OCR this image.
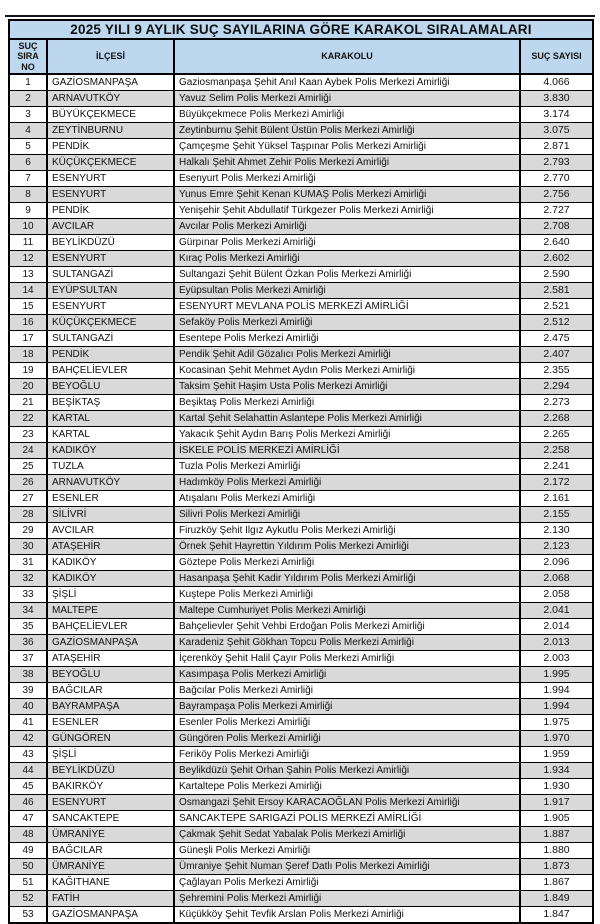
2025 YILI 9 AYLIK SUÇ SAYILARINA GÖRE KARAKOL SIRALAMALARI			
SUÇ SIRA NO	İLÇESİ	KARAKOLU	SUÇ SAYISI
1	GAZİOSMANPAŞA	Gaziosmanpaşa Şehit Anıl Kaan Aybek Polis Merkezi Amirliği	4.066
2	ARNAVUTKÖY	Yavuz Selim Polis Merkezi Amirliği	3.830
3	BÜYÜKÇEKMECE	Büyükçekmece Polis Merkezi Amirliği	3.174
4	ZEYTİNBURNU	Zeytinburnu Şehit Bülent Üstün Polis Merkezi Amirliği	3.075
5	PENDİK	Çamçeşme Şehit Yüksel Taşpınar Polis Merkezi Amirliği	2.871
6	KÜÇÜKÇEKMECE	Halkalı Şehit Ahmet Zehir Polis Merkezi Amirliği	2.793
7	ESENYURT	Esenyurt Polis Merkezi Amirliği	2.770
8	ESENYURT	Yunus Emre Şehit Kenan KUMAŞ Polis Merkezi Amirliği	2.756
9	PENDİK	Yenişehir Şehit Abdullatif Türkgezer Polis Merkezi Amirliği	2.727
10	AVCILAR	Avcılar Polis Merkezi Amirliği	2.708
11	BEYLİKDÜZÜ	Gürpınar Polis Merkezi Amirliği	2.640
12	ESENYURT	Kıraç Polis Merkezi Amirliği	2.602
13	SULTANGAZİ	Sultangazi Şehit Bülent Özkan Polis Merkezi Amirliği	2.590
14	EYÜPSULTAN	Eyüpsultan Polis Merkezi Amirliği	2.581
15	ESENYURT	ESENYURT MEVLANA POLİS MERKEZİ AMİRLİĞİ	2.521
16	KÜÇÜKÇEKMECE	Sefaköy Polis Merkezi Amirliği	2.512
17	SULTANGAZİ	Esentepe Polis Merkezi Amirliği	2.475
18	PENDİK	Pendik Şehit Adil Gözalıcı Polis Merkezi Amirliği	2.407
19	BAHÇELİEVLER	Kocasinan Şehit Mehmet Aydın Polis Merkezi Amirliği	2.355
20	BEYOĞLU	Taksim Şehit Haşim Usta Polis Merkezi Amirliği	2.294
21	BEŞİKTAŞ	Beşiktaş Polis Merkezi Amirliği	2.273
22	KARTAL	Kartal Şehit Selahattin Aslantepe Polis Merkezi Amirliği	2.268
23	KARTAL	Yakacık Şehit Aydın Barış Polis Merkezi Amirliği	2.265
24	KADIKÖY	İSKELE POLİS MERKEZİ AMİRLİĞİ	2.258
25	TUZLA	Tuzla Polis Merkezi Amirliği	2.241
26	ARNAVUTKÖY	Hadımköy Polis Merkezi Amirliği	2.172
27	ESENLER	Atışalanı Polis Merkezi Amirliği	2.161
28	SİLİVRİ	Silivri Polis Merkezi Amirliği	2.155
29	AVCILAR	Firuzköy Şehit Ilgız Aykutlu Polis Merkezi Amirliği	2.130
30	ATAŞEHİR	Örnek Şehit Hayrettin Yıldırım Polis Merkezi Amirliği	2.123
31	KADIKÖY	Göztepe Polis Merkezi Amirliği	2.096
32	KADIKÖY	Hasanpaşa Şehit Kadir Yıldırım Polis Merkezi Amirliği	2.068
33	ŞİŞLİ	Kuştepe Polis Merkezi Amirliği	2.058
34	MALTEPE	Maltepe Cumhuriyet Polis Merkezi Amirliği	2.041
35	BAHÇELİEVLER	Bahçelievler Şehit Vehbi Erdoğan Polis Merkezi Amirliği	2.014
36	GAZİOSMANPAŞA	Karadeniz Şehit Gökhan Topcu Polis Merkezi Amirliği	2.013
37	ATAŞEHİR	İçerenköy Şehit Halil Çayır Polis Merkezi Amirliği	2.003
38	BEYOĞLU	Kasımpaşa Polis Merkezi Amirliği	1.995
39	BAĞCILAR	Bağcılar Polis Merkezi Amirliği	1.994
40	BAYRAMPAŞA	Bayrampaşa Polis Merkezi Amirliği	1.994
41	ESENLER	Esenler Polis Merkezi Amirliği	1.975
42	GÜNGÖREN	Güngören Polis Merkezi Amirliği	1.970
43	ŞİŞLİ	Feriköy Polis Merkezi Amirliği	1.959
44	BEYLİKDÜZÜ	Beylikdüzü Şehit Orhan Şahin Polis Merkezi Amirliği	1.934
45	BAKIRKÖY	Kartaltepe Polis Merkezi Amirliği	1.930
46	ESENYURT	Osmangazi Şehit Ersoy KARACAOĞLAN Polis Merkezi Amirliği	1.917
47	SANCAKTEPE	SANCAKTEPE SARIGAZİ POLİS MERKEZİ AMİRLİĞİ	1.905
48	ÜMRANİYE	Çakmak Şehit Sedat Yabalak Polis Merkezi Amirliği	1.887
49	BAĞCILAR	Güneşli Polis Merkezi Amirliği	1.880
50	ÜMRANİYE	Ümraniye Şehit Numan Şeref Datlı Polis Merkezi Amirliği	1.873
51	KAĞITHANE	Çağlayan Polis Merkezi Amirliği	1.867
52	FATİH	Şehremini Polis Merkezi Amirliği	1.849
53	GAZİOSMANPAŞA	Küçükköy Şehit Tevfik Arslan Polis Merkezi Amirliği	1.847
